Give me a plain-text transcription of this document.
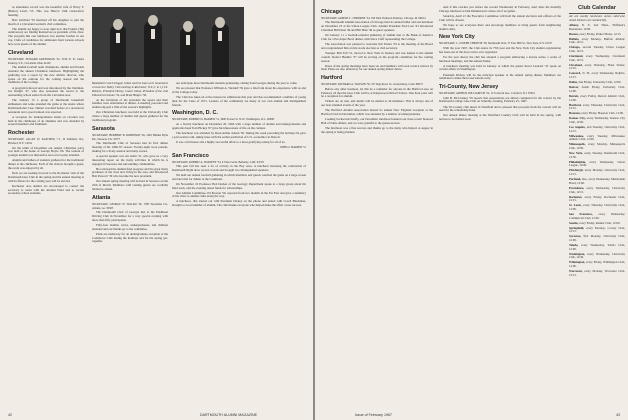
as attendance record was the beautiful wife of Harry F. (Butter) Lewis '55. This was Harry's 19th consecutive meeting.

Hart Gilchrist '59 marched off his daughter to join the march of a Cleveland woman's club committee.

The alumni are happy to note right now that Frank's ('60) Anniversary are finding themselves as president of the class. The program this one luncheon was another feather in our cap. Clubs of candidates for admission from various schools here were guests of the alumni.

Cleveland

SECRETARY, EDWARD GREENMAN '52, 3160 N. St. James Parkway S.E., Cleveland, Ohio 44120

The alumni football team champions; alumni and friends attended the annual Christmas luncheon. Highlighting the gathering was a report by the new athletic director, who spoke on the outlook for the coming season and the traditions of the College.

A program followed and was introduced by the chairman, Joe Knight '47, who also presented the award to the outstanding school senior from the Cleveland area.

The January 13 a group of Dartmouth basketball enthusiasts and some attended the game at the Arena where Dartmouth met Case. Dinner was held before at a downtown restaurant and a good turnout was reported.

A reception for undergraduates home on vacation was held in the clubhouse of an alumnus and was attended by several members and freshmen.

Rochester

SECRETARY, ALLAN W. KASCHEK '71, 10 Kimberly Rd., Pittsford, N.Y. 14534

On the ninth of December our annual Christmas party was held at the home of George Hoyle '66. The turnout of younger alumni was impressive and over twenty attended.

Alumni and fathers of students gathered for the traditional dinner at the clubhouse. Each of the visitors brought a guest; the event was enjoyed by all.

Next we are looking forward to the Rochester visit of the Dartmouth Glee Club in the spring and the annual meeting at which officers for the coming year will be elected.

Rochester area alumni are encouraged to contact the secretary to assist with the Alumni Fund and to recruit secondary school students.

Basketball Coach Doggie Julian and his team were honored at a Governor Valley Club meeting in Rochester, N.Y. (l. to r.): Dr. Roberts, President Dickey, Coach Julian, President of the club Edward Greenman '54, and Brad Hedges '58.

At the invitation of the president the squad and their families were entertained at dinner. A meeting preceded and alumni enjoyed a film of the season's highlights.

Our Christmas luncheon was held at the University Club where a large number of alumni and guests gathered for the traditional program.

Sarasota

SECRETARY, HERBERT B. ROBINSON '26, 1465 Hidden Hyde Rd., Sarasota, Fla. 33577

The Dartmouth Club of Sarasota had its first dinner meeting of the 1966-'67 season. Twenty-eight were present, making for a lively session and many stories.

A special speaker was Art Allen '31, who gave us a very interesting report on the many activities in which he is engaged in Sarasota and surrounding communities.

He reviewed the alumni fund progress and the great many graduates of the class now living in the area, and introduced Bob Prescott '39 who became the new president.

Our annual spring meeting will be held in Sarasota on the 25th of March. Members with visiting guests are cordially invited to attend.

Atlanta

SECRETARY, GEORGE W. WALDO '36, 1780 Woodland Cir., Atlanta, Ga. 30305

The Dartmouth Club of Georgia met at the Piedmont Driving Club in November for a very special evening with more than fifty participants.

Fifty-four alumni, wives, undergraduates, and children attended and our thanks go to the committee.

Plans are underway for an undergraduate reception at the Commerce Club during the holidays and for the spring get-together.

our anticipate most Dartmouth students graduating coming from Georgia during the year to come.

We are pleased that Professor William A. Waddell '39 gave a brief talk about his experience with us and of the College today.

The Club has taken an active interest in admissions this year and has recommended a number of young men for the Class of 1971. Leaders of the community are many of our own alumni and distinguished friends.

Washington, D. C.

SECRETARY, ROBERT D. HARPER '51, 3600 Everett St. N.W., Washington, D.C. 20008

At a faculty luncheon on December 20, 1966 with a large number of alumni and undergraduates and applicants head Tom Hickey '67 gave his impressions of life on the campus.

The luncheon was attended by Dean Arthur Jensen '30. During the week preceding the holidays he gave a provocative talk, taking issue with the earlier prediction of U.S. economics in Detroit.

It was a full house and a highly successful affair to a most gratifying outing for all of us.

JOHN O. HARPER '51

San Francisco

SECRETARY, ROBERT A. TIMOTHY '54, 6 Vista Cerda, Berkeley, Calif. 94703

This past fall has seen a lot of activity in the Bay Area. A luncheon honoring the celebration of Dartmouth Night drew record crowds and brought two distinguished speakers.

We held our annual football gathering in which members and guests watched the game on a large screen and later met for dinner at the Commons.

On November 16 Professor Bob Decker of the Geology Department spoke to a large group about his field work, and the evening raised funds for scholarships.

Our Alumni Committee, Ed Preston '56, reported from two months in the Far East and gave a summary of his visits to alumni clubs along the way.

A luncheon, that started out with President Dickey on the phone and ended with Coach Blackman, brought a record number of alumni. The club thanks everyone who helped make the affair a true success.

42	DARTMOUTH ALUMNI MAGAZINE
Chicago

SECRETARY, ALBERT C. OSBORNE '54, 330 West Fullerton Parkway, Chicago, Ill. 60614

The Dartmouth Alumni Association of Chicago held its annual father and son luncheon on December 23 at the Union League Club. Alumni President Fred Leet '43 introduced Chairman Bill Dean '49 and Bill Hinz '49 as guest speakers.

On January 11 a football-oriented gathering of alumni met at the Bank of America Club for a Pre-Super Bowl dinner, with Dave Cleff representing the College.

The Association was pleased to welcome Jim Turner '59 to the meeting of the Board and congratulated him on his recent election as club secretary.

Younger Phil Taft '51, moved to New York in January and was named to the alumni council. Robert Heather '37 will be serving on the program committee for the coming season.

Dates of the spring meetings have been set and members will soon receive notices by mail. Plans are also underway for our annual spring dinner dance.

Hartford

SECRETARY, RICHARD A. WATSON '59, 327 Dug Road, So. Glastonbury, Conn. 06073

Before any other business, let this be a reminder for anyone in the Hartford area on February 24 that the Glee Club will be at Kingswood-Oxford School. One hour prior will be a reception for alumni.

Tickets are on sale, and details will be mailed to all members. This is always one of our best attended events of the year.

The Hartford Alumni Association hosted its annual New England reception at the Hartford Club in December, which was attended by a number of undergraduates.

Looking backwards briefly, our December luncheon featured our most recent honored Hall of Fame athlete, and we were grateful to the generous host.

The luncheon was a fine success and thanks go to the many who helped. A supper in the spring is being planned.

And if this reaches you before the second Wednesday in February, don't miss the monthly Chicago luncheon at Dan Dimmerson's where all of us gather.

Saturday, April 21 the Executive Committee will hold the annual elections and officers of the Club will be chosen.

We hope to see everyone there and encourage members to bring guests from neighboring alumni clubs.

New York City

SECRETARY, C. JOSEPH CHRISTIE '38, Dartmouth Club, 37 East 38th St., New York, N.Y. 10017

With the year 1967, the Club enters its 75th year and the New York City alumni organization has been one of the most active ever organized.

For the year ahead, the club has adopted a program embracing a lecture series, a series of luncheon meetings, and the annual dinner.

A luncheon meeting was held in January at which the guests heard Leonard '35 speak on current affairs in Washington.

President Dickey will be the principal speaker at the annual spring dinner. Members are reminded to make their reservations early.

Tri-County, New Jersey

SECRETARY, ARTHUR WILLIAMS III '52, 113 Lincoln Ave., Cranford, N.J. 07016

John B. McCloskey '59 reports that preparations are almost completed for the concert by the Dartmouth College Glee Club on Saturday evening, February 25, 1967.

The Tri-County club meets in Westfield and is pleased that proceeds from the concert will be used for the scholarship fund.

Our annual dinner meeting at the Westfield Country Club will be held in the spring, with notices to be mailed soon.

Club Calendar

All are weekly luncheons unless otherwise noted. Dinners are marked (D).

Albany, N. Y., 2nd Thurs., Hoffman's Restaurant, 12:00.

Boston, every Friday, Parker House, 12:15.

Buffalo, every Monday, Buffalo Athletic Club, 12:15.

Chicago, second Tuesday, Union League Club, 12:15.

Cincinnati, every Wednesday, Cincinnati Club, 12:15.

Cleveland, every Thursday, Hotel Statler, 12:10.

Concord, N. H., every Wednesday, Ralph's, 12:15.

Dallas, 2nd Friday, University Club, 12:00.

Denver, fourth Friday, University Club, 12:00.

Detroit, every Friday, Detroit Athletic Club, 12:00.

Hartford, every Thursday, University Club, 12:15.

Houston, every Friday, Houston Club, 12:00.

Kansas City, every Wednesday, Kansas City Club, 12:00.

Los Angeles, 2nd Tuesday, University Club, 12:15.

Milwaukee, every Tuesday, Milwaukee Athletic Club, 12:00.

Minneapolis, every Monday, Minneapolis Club, 12:00.

New York, every Tuesday, Dartmouth Club, 12:30.

Philadelphia, every Wednesday, Union League, 12:00.

Pittsburgh, every Monday, University Club, 12:15.

Portland, Ore., every Wednesday, Multnomah Hotel, 12:00.

Providence, every Wednesday, University Club, 12:15.

Rochester, every Friday, Rochester Club, 12:15.

St. Louis, every Thursday, University Club, 12:00.

San Francisco, every Wednesday, Commercial Club, 12:00.

Seattle, every Friday, Rainier Club, 12:00.

Springfield, every Monday, Colony Club, 12:15.

Syracuse, first Monday, University Club, 12:00.

Toledo, every Wednesday, Toledo Club, 12:00.

Washington, every Wednesday, University Club, 12:30.

Wilmington, every Friday, Wilmington Club, 12:00.

Worcester, every Monday, Worcester Club, 12:15.

Issue of February 1967	43
